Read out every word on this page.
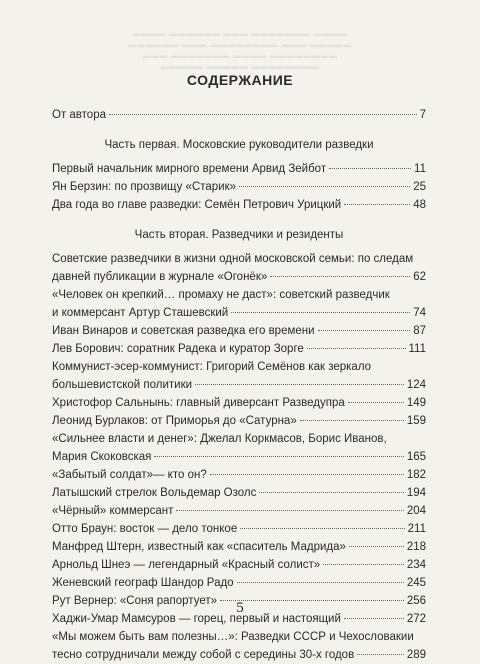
▬▬▬▬ ▬▬▬▬▬▬ ▬▬▬ ▬▬▬▬▬▬▬ ▬▬▬▬
▬▬▬▬▬▬ ▬▬▬ ▬▬▬▬▬▬▬▬ ▬▬▬ ▬▬▬▬▬
▬▬▬ ▬▬▬▬▬▬▬ ▬▬▬▬ ▬▬▬▬▬▬▬▬
▬▬▬▬▬ ▬▬▬▬▬ ▬▬▬▬▬▬▬▬
СОДЕРЖАНИЕ
От автора	7
Часть первая. Московские руководители разведки
Первый начальник мирного времени Арвид Зейбот	11
Ян Берзин: по прозвищу «Старик»	25
Два года во главе разведки: Семён Петрович Урицкий	48
Часть вторая. Разведчики и резиденты
Советские разведчики в жизни одной московской семьи: по следам
давней публикации в журнале «Огонёк»	62
«Человек он крепкий… промаху не даст»: советский разведчик
и коммерсант Артур Сташевский	74
Иван Винаров и советская разведка его времени	87
Лев Борович: соратник Радека и куратор Зорге	111
Коммунист-эсер-коммунист: Григорий Семёнов как зеркало
большевистской политики	124
Христофор Сальнынь: главный диверсант Разведупра	149
Леонид Бурлаков: от Приморья до «Сатурна»	159
«Сильнее власти и денег»: Джелал Коркмасов, Борис Иванов,
Мария Скоковская	165
«Забытый солдат»— кто он?	182
Латышский стрелок Вольдемар Озолс	194
«Чёрный» коммерсант	204
Отто Браун: восток — дело тонкое	211
Манфред Штерн, известный как «спаситель Мадрида»	218
Арнольд Шнеэ — легендарный «Красный солист»	234
Женевский географ Шандор Радо	245
Рут Вернер: «Соня рапортует»	256
Хаджи-Умар Мамсуров — горец, первый и настоящий	272
«Мы можем быть вам полезны…»: Разведки СССР и Чехословакии
тесно сотрудничали между собой с середины 30-х годов	289
5
